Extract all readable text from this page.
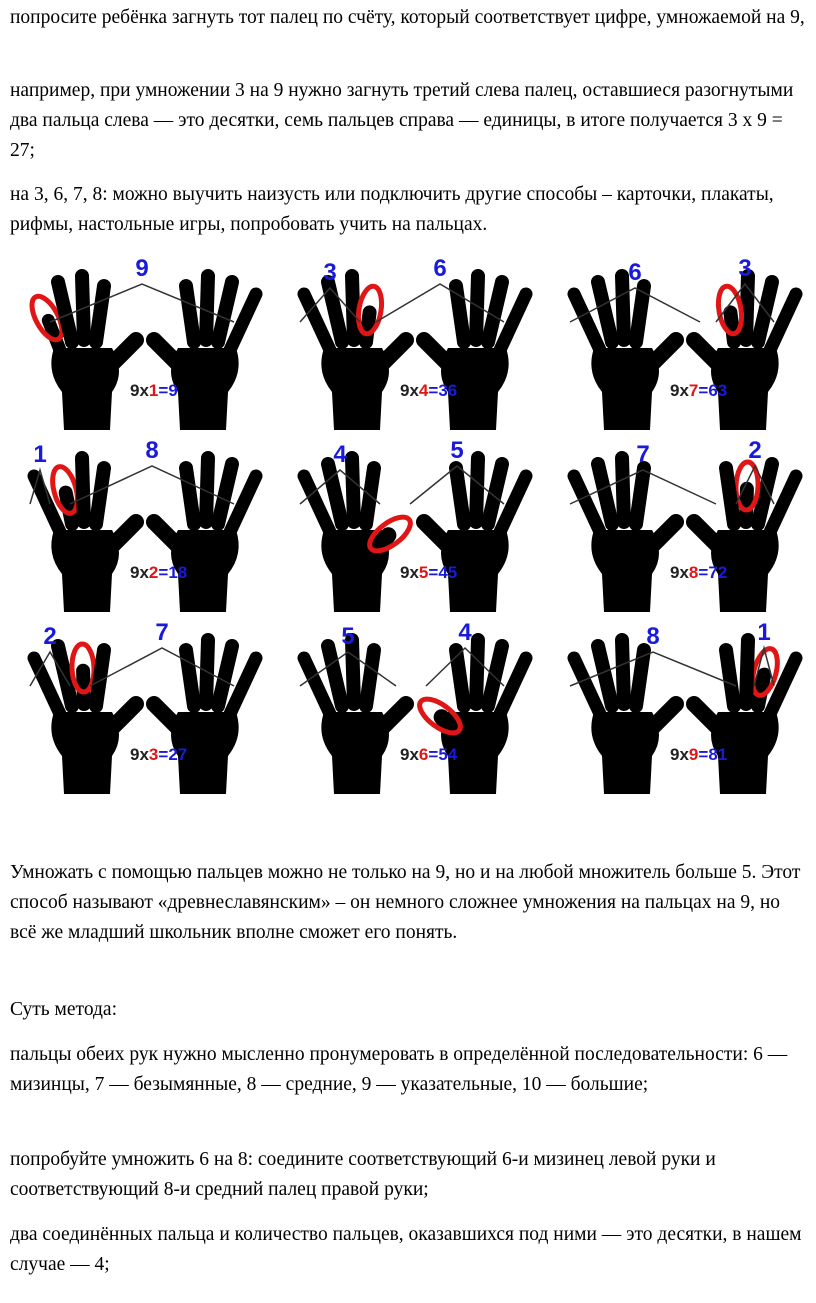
попросите ребёнка загнуть тот палец по счёту, который соответствует цифре, умножаемой на 9,

например, при умножении 3 на 9 нужно загнуть третий слева палец, оставшиеся разогнутыми два пальца слева — это десятки, семь пальцев справа — единицы, в итоге получается 3 х 9 = 27;

на 3, 6, 7, 8: можно выучить наизусть или подключить другие способы – карточки, плакаты, рифмы, настольные игры, попробовать учить на пальцах.

9
9x1=9
3	6
9x4=36
6	3
9x7=63
1	8
9x2=18
4	5
9x5=45
7	2
9x8=72
2	7
9x3=27
5	4
9x6=54
8	1
9x9=81

Умножать с помощью пальцев можно не только на 9, но и на любой множитель больше 5. Этот способ называют «древнеславянским» – он немного сложнее умножения на пальцах на 9, но всё же младший школьник вполне сможет его понять.

Суть метода:

пальцы обеих рук нужно мысленно пронумеровать в определённой последовательности: 6 — мизинцы, 7 — безымянные, 8 — средние, 9 — указательные, 10 — большие;

попробуйте умножить 6 на 8: соедините соответствующий 6-и мизинец левой руки и соответствующий 8-и средний палец правой руки;

два соединённых пальца и количество пальцев, оказавшихся под ними — это десятки, в нашем случае — 4;
